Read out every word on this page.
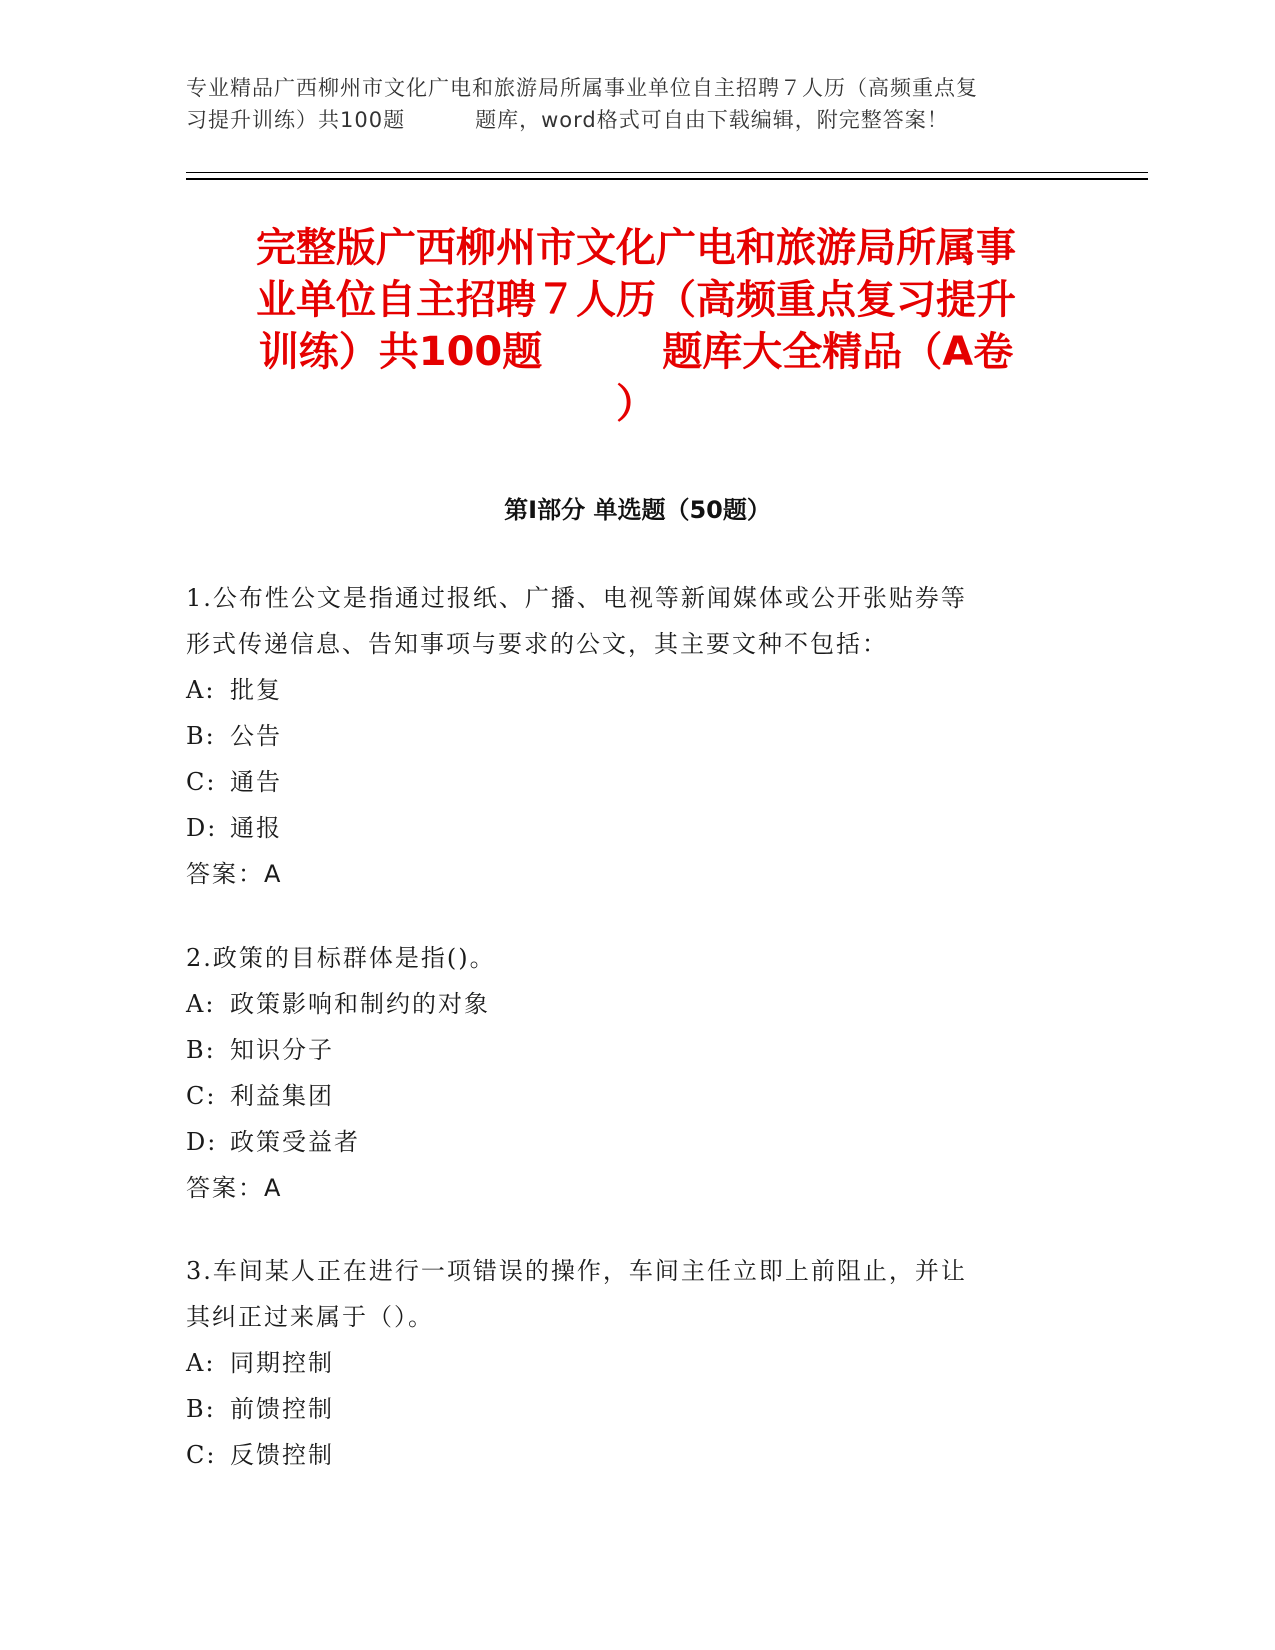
专业精品广西柳州市文化广电和旅游局所属事业单位自主招聘７人历（高频重点复
习提升训练）共100题	题库，word格式可自由下载编辑，附完整答案！
完整版广西柳州市文化广电和旅游局所属事
业单位自主招聘７人历（高频重点复习提升
训练）共100题	题库大全精品（A卷
）
第Ⅰ部分 单选题（50题）
1.公布性公文是指通过报纸、广播、电视等新闻媒体或公开张贴券等
形式传递信息、告知事项与要求的公文，其主要文种不包括：
A: 批复
B: 公告
C: 通告
D: 通报
答案：A
2.政策的目标群体是指()。
A: 政策影响和制约的对象
B: 知识分子
C: 利益集团
D: 政策受益者
答案：A
3.车间某人正在进行一项错误的操作，车间主任立即上前阻止，并让
其纠正过来属于（）。
A: 同期控制
B: 前馈控制
C: 反馈控制
